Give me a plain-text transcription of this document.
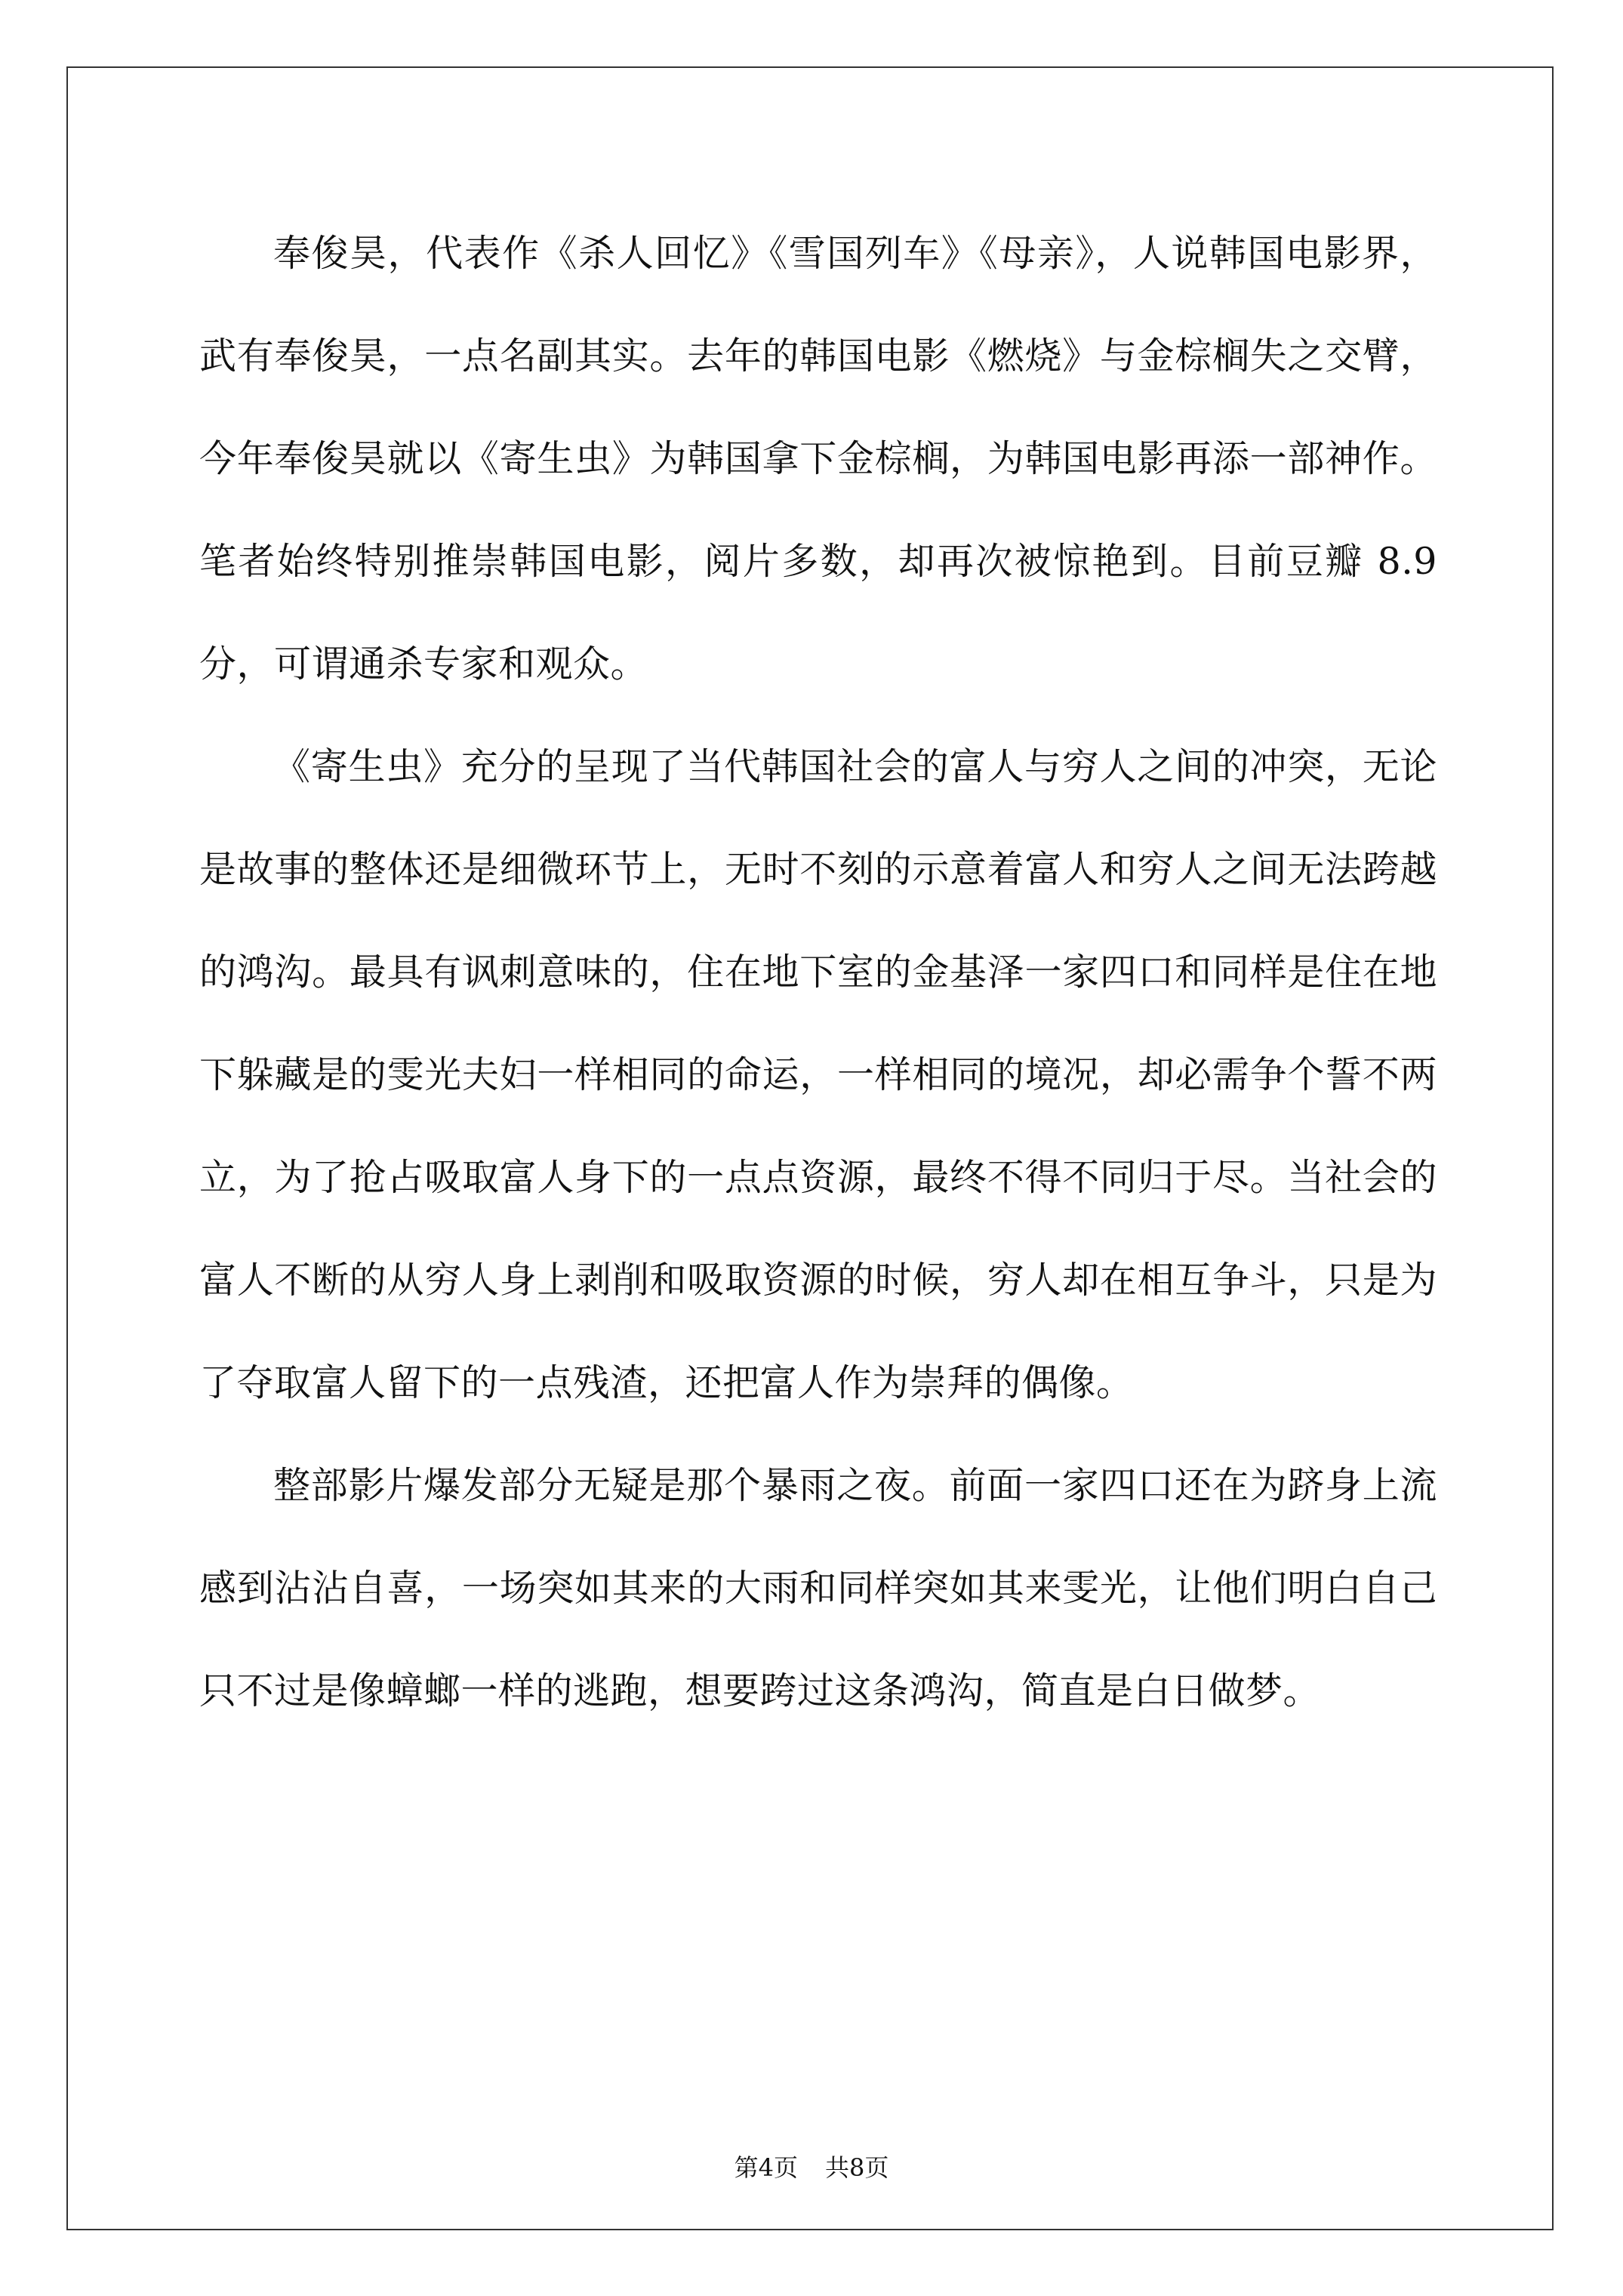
奉俊昊，代表作《杀人回忆》《雪国列车》《母亲》，人说韩国电影界，武有奉俊昊，一点名副其实。去年的韩国电影《燃烧》与金棕榈失之交臂，今年奉俊昊就以《寄生虫》为韩国拿下金棕榈，为韩国电影再添一部神作。笔者始终特别推崇韩国电影，阅片多数，却再次被惊艳到。目前豆瓣 8.9 分，可谓通杀专家和观众。

《寄生虫》充分的呈现了当代韩国社会的富人与穷人之间的冲突，无论是故事的整体还是细微环节上，无时不刻的示意着富人和穷人之间无法跨越的鸿沟。最具有讽刺意味的，住在地下室的金基泽一家四口和同样是住在地下躲藏是的雯光夫妇一样相同的命运，一样相同的境况，却必需争个誓不两立，为了抢占吸取富人身下的一点点资源，最终不得不同归于尽。当社会的富人不断的从穷人身上剥削和吸取资源的时候，穷人却在相互争斗，只是为了夺取富人留下的一点残渣，还把富人作为崇拜的偶像。

整部影片爆发部分无疑是那个暴雨之夜。前面一家四口还在为跻身上流感到沾沾自喜，一场突如其来的大雨和同样突如其来雯光，让他们明白自己只不过是像蟑螂一样的逃跑，想要跨过这条鸿沟，简直是白日做梦。

第4页 共8页
